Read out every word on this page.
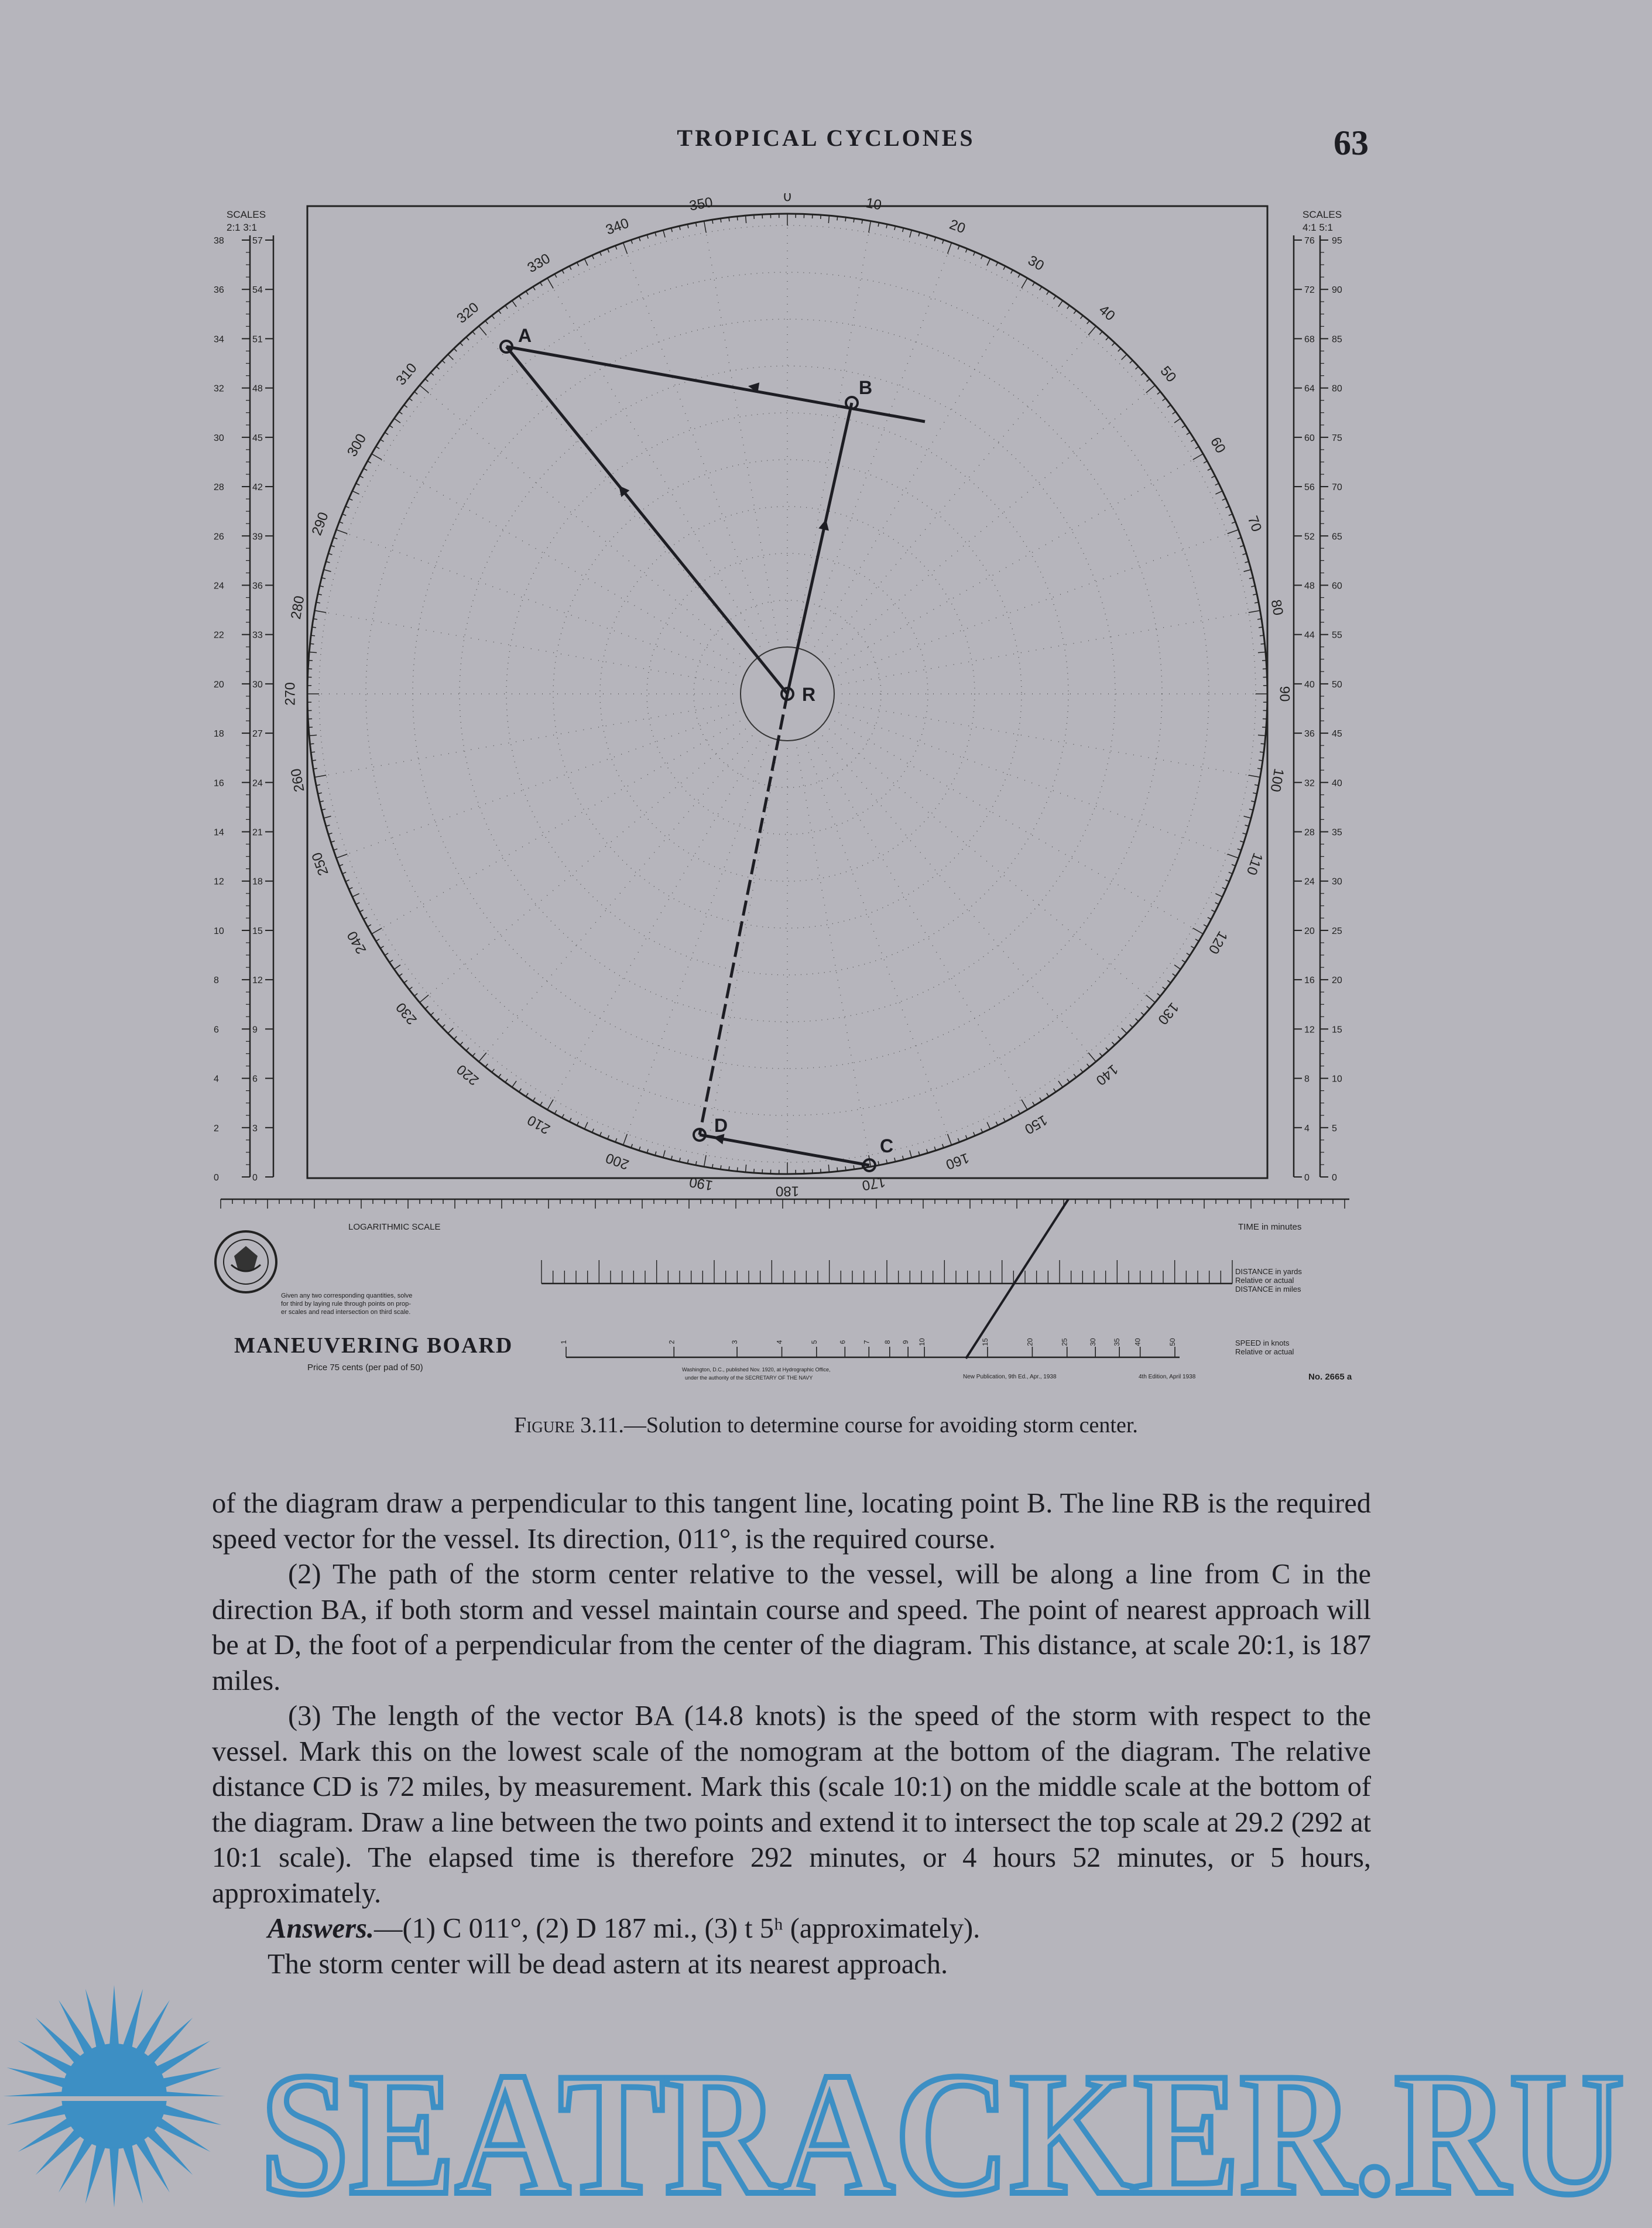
TROPICAL CYCLONES	63
0	10
20
30
40
50
60
70
80
90
100
110
120
130
140
150
160
170
180
190
200
210
220
230
240
250
260
270
280
290
300
310
320
330
340
350
SCALES
2:1 3:1
38
36
34
32
30
28
26
24
22
20
18
16
14
12
10
8
6
4
2
0
57
54
51
48
45
42
39
36
33
30
27
24
21
18
15
12
9
6
3
0
SCALES
4:1 5:1
76
72
68
64
60
56
52
48
44
40
36
32
28
24
20
16
12
8
4
0
95
90
85
80
75
70
65
60
55
50
45
40
35
30
25
20
15
10
5
0
A
B
R
D
C
LOGARITHMIC SCALE	TIME in minutes
DISTANCE in yards
Relative or actual
DISTANCE in miles
1	2	3	4	5	6 7 8 9 10	15	20	25	30 35 40	50	SPEED in knots
Relative or actual
Given any two corresponding quantities, solve
for third by laying rule through points on prop-
er scales and read intersection on third scale.
MANEUVERING BOARD
Price 75 cents (per pad of 50)	Washington, D.C., published Nov. 1920, at Hydrographic Office,
under the authority of the SECRETARY OF THE NAVY	New Publication, 9th Ed., Apr., 1938	4th Edition, April 1938	No. 2665 a
Figure 3.11.—Solution to determine course for avoiding storm center.

of the diagram draw a perpendicular to this tangent line, locating point B. The line RB is the required speed vector for the vessel. Its direction, 011°, is the required course.

(2) The path of the storm center relative to the vessel, will be along a line from C in the direction BA, if both storm and vessel maintain course and speed. The point of nearest approach will be at D, the foot of a perpendicular from the center of the diagram. This distance, at scale 20:1, is 187 miles.

(3) The length of the vector BA (14.8 knots) is the speed of the storm with respect to the vessel. Mark this on the lowest scale of the nomogram at the bottom of the diagram. The relative distance CD is 72 miles, by measurement. Mark this (scale 10:1) on the middle scale at the bottom of the diagram. Draw a line between the two points and extend it to intersect the top scale at 29.2 (292 at 10:1 scale). The elapsed time is therefore 292 minutes, or 4 hours 52 minutes, or 5 hours, approximately.

Answers.—(1) C 011°, (2) D 187 mi., (3) t 5ʰ (approximately).

The storm center will be dead astern at its nearest approach.

SEATRACKER.RU
